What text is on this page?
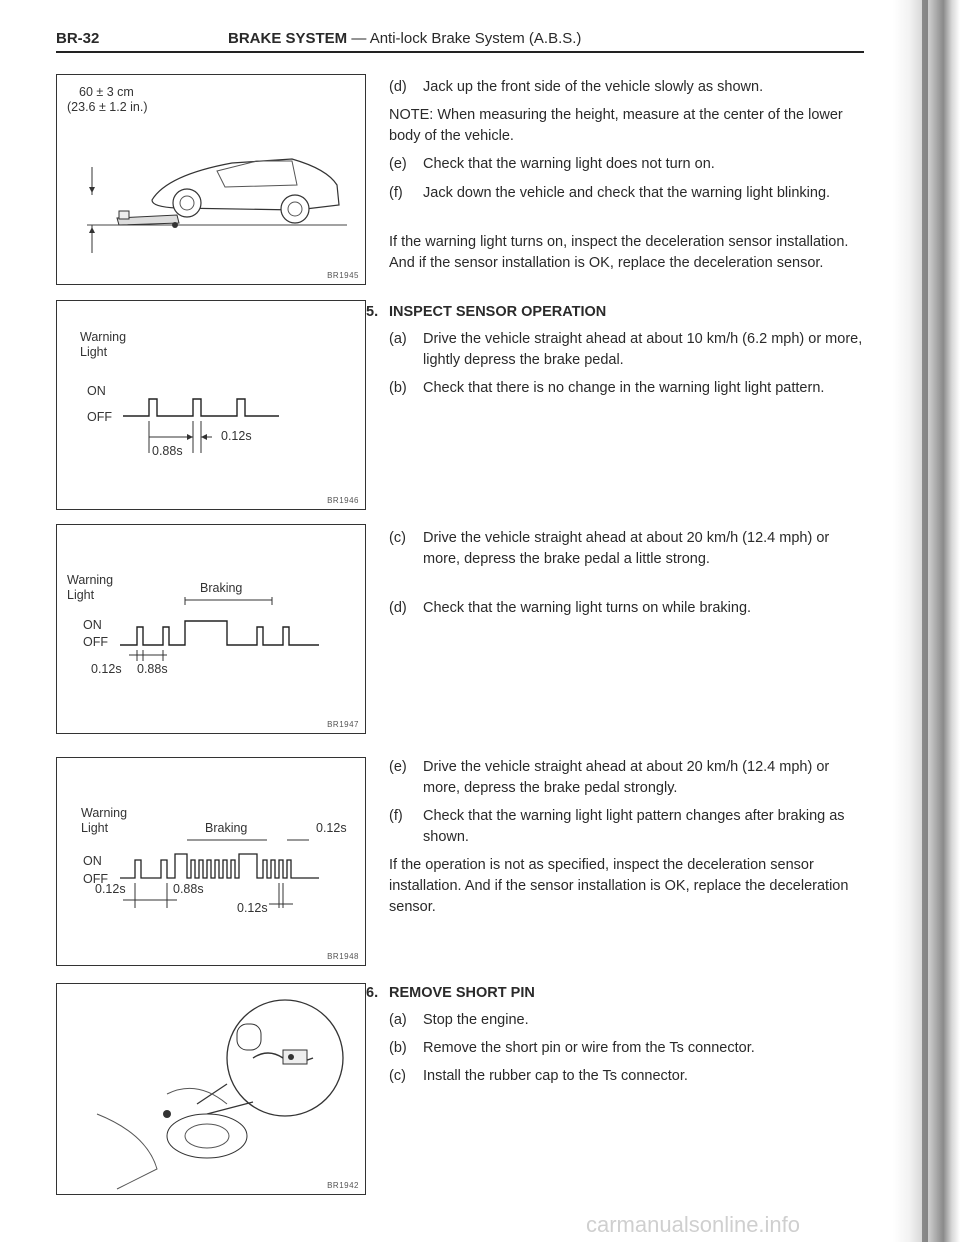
BR-32	BRAKE SYSTEM — Anti-lock Brake System (A.B.S.)
60 ± 3 cm
(23.6 ± 1.2 in.)
BR1945
Warning
Light
ON
OFF
0.12s
0.88s
BR1946
Warning
Light	Braking
ON
OFF
0.12s 0.88s
BR1947
Warning
Light	Braking	0.12s
ON
OFF
0.12s	0.88s
0.12s
BR1948
BR1942
(d) Jack up the front side of the vehicle slowly as shown.
NOTE: When measuring the height, measure at the center of the lower body of the vehicle.
(e) Check that the warning light does not turn on.
(f) Jack down the vehicle and check that the warning light blinking.
If the warning light turns on, inspect the deceleration sensor installation. And if the sensor installation is OK, replace the deceleration sensor.
5. INSPECT SENSOR OPERATION
(a) Drive the vehicle straight ahead at about 10 km/h (6.2 mph) or more, lightly depress the brake pedal.
(b) Check that there is no change in the warning light light pattern.
(c) Drive the vehicle straight ahead at about 20 km/h (12.4 mph) or more, depress the brake pedal a little strong.
(d) Check that the warning light turns on while braking.
(e) Drive the vehicle straight ahead at about 20 km/h (12.4 mph) or more, depress the brake pedal strongly.
(f) Check that the warning light light pattern changes after braking as shown.
If the operation is not as specified, inspect the deceleration sensor installation. And if the sensor installation is OK, replace the deceleration sensor.
6. REMOVE SHORT PIN
(a) Stop the engine.
(b) Remove the short pin or wire from the Ts connector.
(c) Install the rubber cap to the Ts connector.
carmanualsonline.info
